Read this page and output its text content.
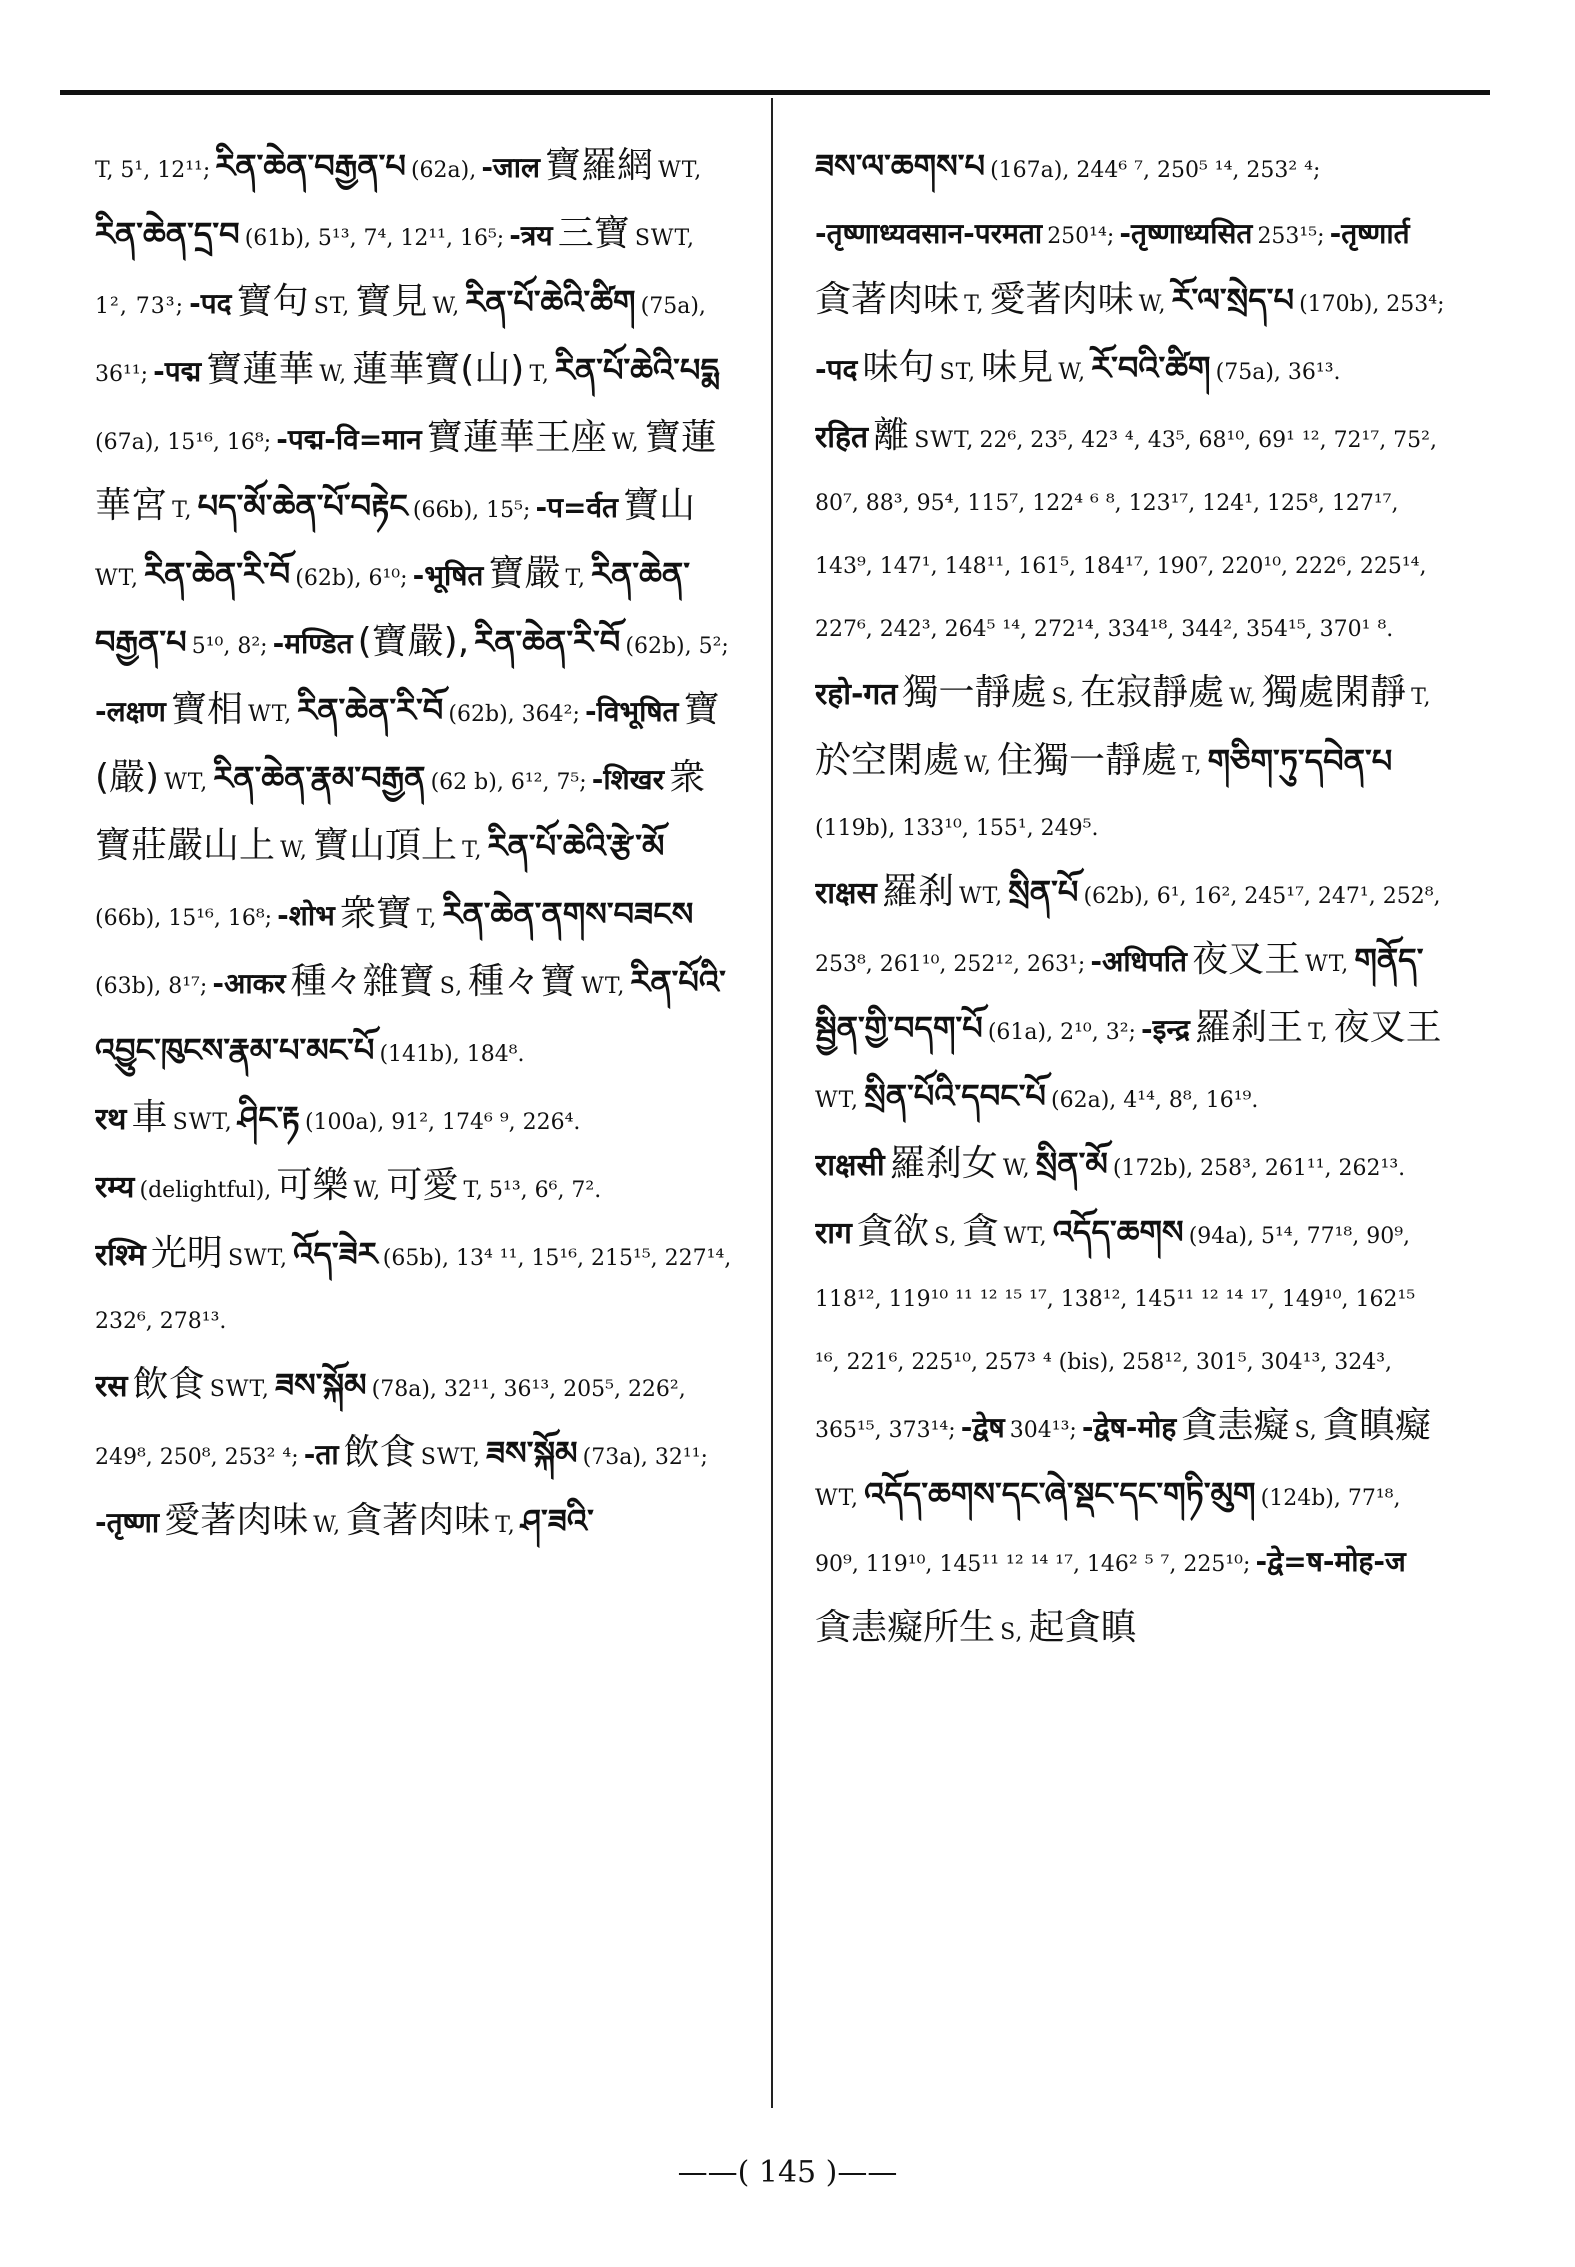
T, 5¹, 12¹¹; རིན་ཆེན་བརྒྱན་པ (62a), -जाल 寶羅網 WT, རིན་ཆེན་དྲ་བ (61b), 5¹³, 7⁴, 12¹¹, 16⁵; -त्रय 三寶 SWT, 1², 73³; -पद 寶句 ST, 寶見 W, རིན་པོ་ཆེའི་ཚིག (75a), 36¹¹; -पद्म 寶蓮華 W, 蓮華寶(山) T, རིན་པོ་ཆེའི་པདྨ (67a), 15¹⁶, 16⁸; -पद्म-वि=मान 寶蓮華王座 W, 寶蓮華宮 T, པད་མོ་ཆེན་པོ་བརྟེང (66b), 15⁵; -प=र्वत 寶山 WT, རིན་ཆེན་རི་བོ (62b), 6¹⁰; -भूषित 寶嚴 T, རིན་ཆེན་བརྒྱན་པ 5¹⁰, 8²; -मण्डित (寶嚴), རིན་ཆེན་རི་བོ (62b), 5²; -लक्षण 寶相 WT, རིན་ཆེན་རི་བོ (62b), 364²; -विभूषित 寶(嚴) WT, རིན་ཆེན་རྣམ་བརྒྱན (62 b), 6¹², 7⁵; -शिखर 衆寶莊嚴山上 W, 寶山頂上 T, རིན་པོ་ཆེའི་རྩེ་མོ (66b), 15¹⁶, 16⁸; -शोभ 衆寶 T, རིན་ཆེན་ནགས་བཟངས (63b), 8¹⁷; -आकर 種々雜寶 S, 種々寶 WT, རིན་པོའི་འབྱུང་ཁུངས་རྣམ་པ་མང་པོ (141b), 184⁸.
रथ 車 SWT, ཤིང་རྟ (100a), 91², 174⁶ ⁹, 226⁴.
रम्य (delightful), 可樂 W, 可愛 T, 5¹³, 6⁶, 7².
रश्मि 光明 SWT, འོད་ཟེར (65b), 13⁴ ¹¹, 15¹⁶, 215¹⁵, 227¹⁴, 232⁶, 278¹³.
रस 飲食 SWT, ཟས་སྐོམ (78a), 32¹¹, 36¹³, 205⁵, 226², 249⁸, 250⁸, 253² ⁴; -ता 飲食 SWT, ཟས་སྐོམ (73a), 32¹¹; -तृष्णा 愛著肉味 W, 貪著肉味 T, ཤ་ཟའི་
ཟས་ལ་ཆགས་པ (167a), 244⁶ ⁷, 250⁵ ¹⁴, 253² ⁴; -तृष्णाध्यवसान-परमता 250¹⁴; -तृष्णाध्यसित 253¹⁵; -तृष्णार्त 貪著肉味 T, 愛著肉味 W, རོ་ལ་སྲེད་པ (170b), 253⁴; -पद 味句 ST, 味見 W, རོ་བའི་ཚིག (75a), 36¹³.
रहित 離 SWT, 22⁶, 23⁵, 42³ ⁴, 43⁵, 68¹⁰, 69¹ ¹², 72¹⁷, 75², 80⁷, 88³, 95⁴, 115⁷, 122⁴ ⁶ ⁸, 123¹⁷, 124¹, 125⁸, 127¹⁷, 143⁹, 147¹, 148¹¹, 161⁵, 184¹⁷, 190⁷, 220¹⁰, 222⁶, 225¹⁴, 227⁶, 242³, 264⁵ ¹⁴, 272¹⁴, 334¹⁸, 344², 354¹⁵, 370¹ ⁸.
रहो-गत 獨一靜處 S, 在寂靜處 W, 獨處閑靜 T, 於空閑處 W, 住獨一靜處 T, གཅིག་ཏུ་དབེན་པ (119b), 133¹⁰, 155¹, 249⁵.
राक्षस 羅刹 WT, སྲིན་པོ (62b), 6¹, 16², 245¹⁷, 247¹, 252⁸, 253⁸, 261¹⁰, 252¹², 263¹; -अधिपति 夜叉王 WT, གནོད་སྦྱིན་གྱི་བདག་པོ (61a), 2¹⁰, 3²; -इन्द्र 羅刹王 T, 夜叉王 WT, སྲིན་པོའི་དབང་པོ (62a), 4¹⁴, 8⁸, 16¹⁹.
राक्षसी 羅刹女 W, སྲིན་མོ (172b), 258³, 261¹¹, 262¹³.
राग 貪欲 S, 貪 WT, འདོད་ཆགས (94a), 5¹⁴, 77¹⁸, 90⁹, 118¹², 119¹⁰ ¹¹ ¹² ¹⁵ ¹⁷, 138¹², 145¹¹ ¹² ¹⁴ ¹⁷, 149¹⁰, 162¹⁵ ¹⁶, 221⁶, 225¹⁰, 257³ ⁴ (bis), 258¹², 301⁵, 304¹³, 324³, 365¹⁵, 373¹⁴; -द्वेष 304¹³; -द्वेष-मोह 貪恚癡 S, 貪瞋癡 WT, འདོད་ཆགས་དང་ཞེ་སྡང་དང་གཏི་མུག (124b), 77¹⁸, 90⁹, 119¹⁰, 145¹¹ ¹² ¹⁴ ¹⁷, 146² ⁵ ⁷, 225¹⁰; -द्वे=ष-मोह-ज 貪恚癡所生 S, 起貪瞋
——( 145 )——
